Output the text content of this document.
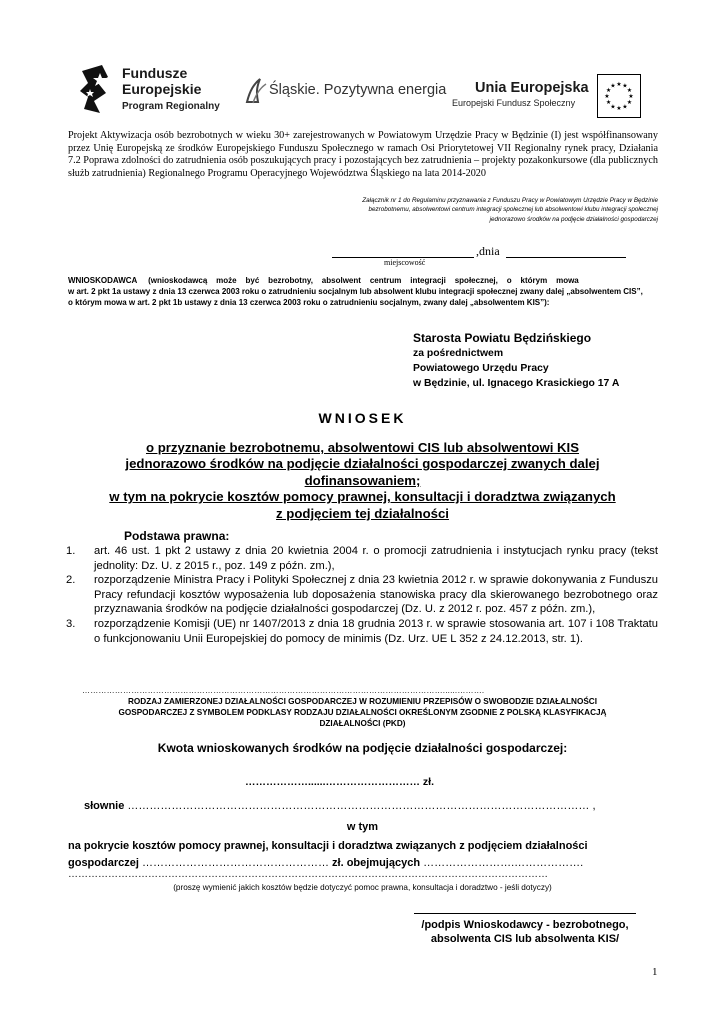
Fundusze
Europejskie
Program Regionalny
Śląskie. Pozytywna energia Unia Europejska
Europejski Fundusz Społeczny
★ ★
★
★
★
★
★
★
★
★
★
★
Projekt Aktywizacja osób bezrobotnych w wieku 30+ zarejestrowanych w Powiatowym Urzędzie Pracy w Będzinie (I) jest współfinansowany przez Unię Europejską ze środków Europejskiego Funduszu Społecznego w ramach Osi Priorytetowej VII Regionalny rynek pracy, Działania 7.2 Poprawa zdolności do zatrudnienia osób poszukujących pracy i pozostających bez zatrudnienia – projekty pozakonkursowe (dla publicznych służb zatrudnienia) Regionalnego Programu Operacyjnego Województwa Śląskiego na lata 2014-2020
Załącznik nr 1 do Regulaminu przyznawania z Funduszu Pracy w Powiatowym Urzędzie Pracy w Będzinie
bezrobotnemu, absolwentowi centrum integracji społecznej lub absolwentowi klubu integracji społecznej
jednorazowo środków na podjęcie działalności gospodarczej
,dnia
miejscowość
WNIOSKODAWCA     (wnioskodawcą    może    być    bezrobotny,    absolwent    centrum    integracji    społecznej,    o    którym    mowa
w art. 2 pkt 1a ustawy z dnia 13 czerwca 2003 roku o zatrudnieniu socjalnym lub absolwent klubu integracji społecznej zwany dalej „absolwentem CIS”,
o którym mowa w art. 2 pkt 1b ustawy z dnia 13 czerwca 2003 roku o zatrudnieniu socjalnym, zwany dalej „absolwentem KIS”):
Starosta Powiatu Będzińskiego
za pośrednictwem
Powiatowego Urzędu Pracy
w Będzinie, ul. Ignacego Krasickiego 17 A
WNIOSEK
o przyznanie bezrobotnemu, absolwentowi CIS lub absolwentowi KIS
jednorazowo środków na podjęcie działalności gospodarczej zwanych dalej
dofinansowaniem;
w tym na pokrycie kosztów pomocy prawnej, konsultacji i doradztwa związanych
z podjęciem tej działalności
Podstawa prawna:
1. art. 46 ust. 1 pkt 2 ustawy z dnia 20 kwietnia 2004 r. o promocji zatrudnienia i instytucjach rynku pracy (tekst jednolity: Dz. U. z 2015 r., poz. 149 z późn. zm.),
2. rozporządzenie Ministra Pracy i Polityki Społecznej z dnia 23 kwietnia 2012 r. w sprawie dokonywania z Funduszu Pracy refundacji kosztów wyposażenia lub doposażenia stanowiska pracy dla skierowanego bezrobotnego oraz przyznawania środków na podjęcie działalności gospodarczej (Dz. U. z 2012 r. poz. 457 z późn. zm.),
3. rozporządzenie Komisji (UE) nr 1407/2013 z dnia 18 grudnia 2013 r. w sprawie stosowania art. 107 i 108 Traktatu o funkcjonowaniu Unii Europejskiej do pomocy de minimis (Dz. Urz. UE L 352 z 24.12.2013, str. 1).
……………………………………………………………………………………………………………………......……….
RODZAJ ZAMIERZONEJ DZIAŁALNOŚCI GOSPODARCZEJ W ROZUMIENIU PRZEPISÓW O SWOBODZIE DZIAŁALNOŚCI
GOSPODARCZEJ Z SYMBOLEM PODKLASY RODZAJU DZIAŁALNOŚCI OKREŚLONYM ZGODNIE Z POLSKĄ KLASYFIKACJĄ
DZIAŁALNOŚCI (PKD)
Kwota wnioskowanych środków na podjęcie działalności gospodarczej:
………………......……………………… zł.
słownie ……………………………………………………………………………………………………………… ,
w tym
na pokrycie kosztów pomocy prawnej, konsultacji i doradztwa związanych z podjęciem działalności
gospodarczej …………………………………………… zł. obejmujących …………………….……………….
………………………………………………………………………………………………………………………………
(proszę wymienić jakich kosztów będzie dotyczyć pomoc prawna, konsultacja i doradztwo - jeśli dotyczy)
/podpis Wnioskodawcy - bezrobotnego,
absolwenta CIS lub absolwenta KIS/
1
